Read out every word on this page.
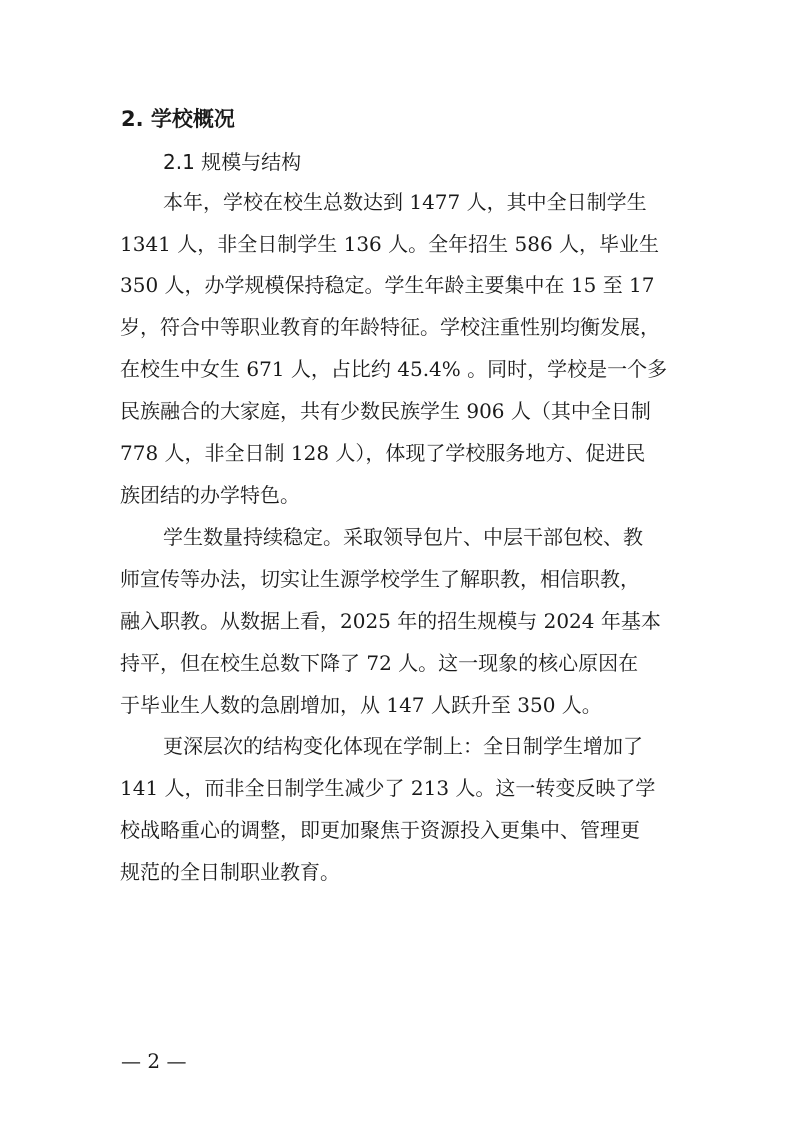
2. 学校概况
2.1 规模与结构
本年，学校在校生总数达到 1477 人，其中全日制学生
1341 人，非全日制学生 136 人。全年招生 586 人，毕业生
350 人，办学规模保持稳定。学生年龄主要集中在 15 至 17
岁，符合中等职业教育的年龄特征。学校注重性别均衡发展，
在校生中女生 671 人，占比约 45.4% 。同时，学校是一个多
民族融合的大家庭，共有少数民族学生 906 人（其中全日制
778 人，非全日制 128 人），体现了学校服务地方、促进民
族团结的办学特色。
学生数量持续稳定。采取领导包片、中层干部包校、教
师宣传等办法，切实让生源学校学生了解职教，相信职教，
融入职教。从数据上看，2025 年的招生规模与 2024 年基本
持平，但在校生总数下降了 72 人。这一现象的核心原因在
于毕业生人数的急剧增加，从 147 人跃升至 350 人。
更深层次的结构变化体现在学制上：全日制学生增加了
141 人，而非全日制学生减少了 213 人。这一转变反映了学
校战略重心的调整，即更加聚焦于资源投入更集中、管理更
规范的全日制职业教育。
— 2 —
